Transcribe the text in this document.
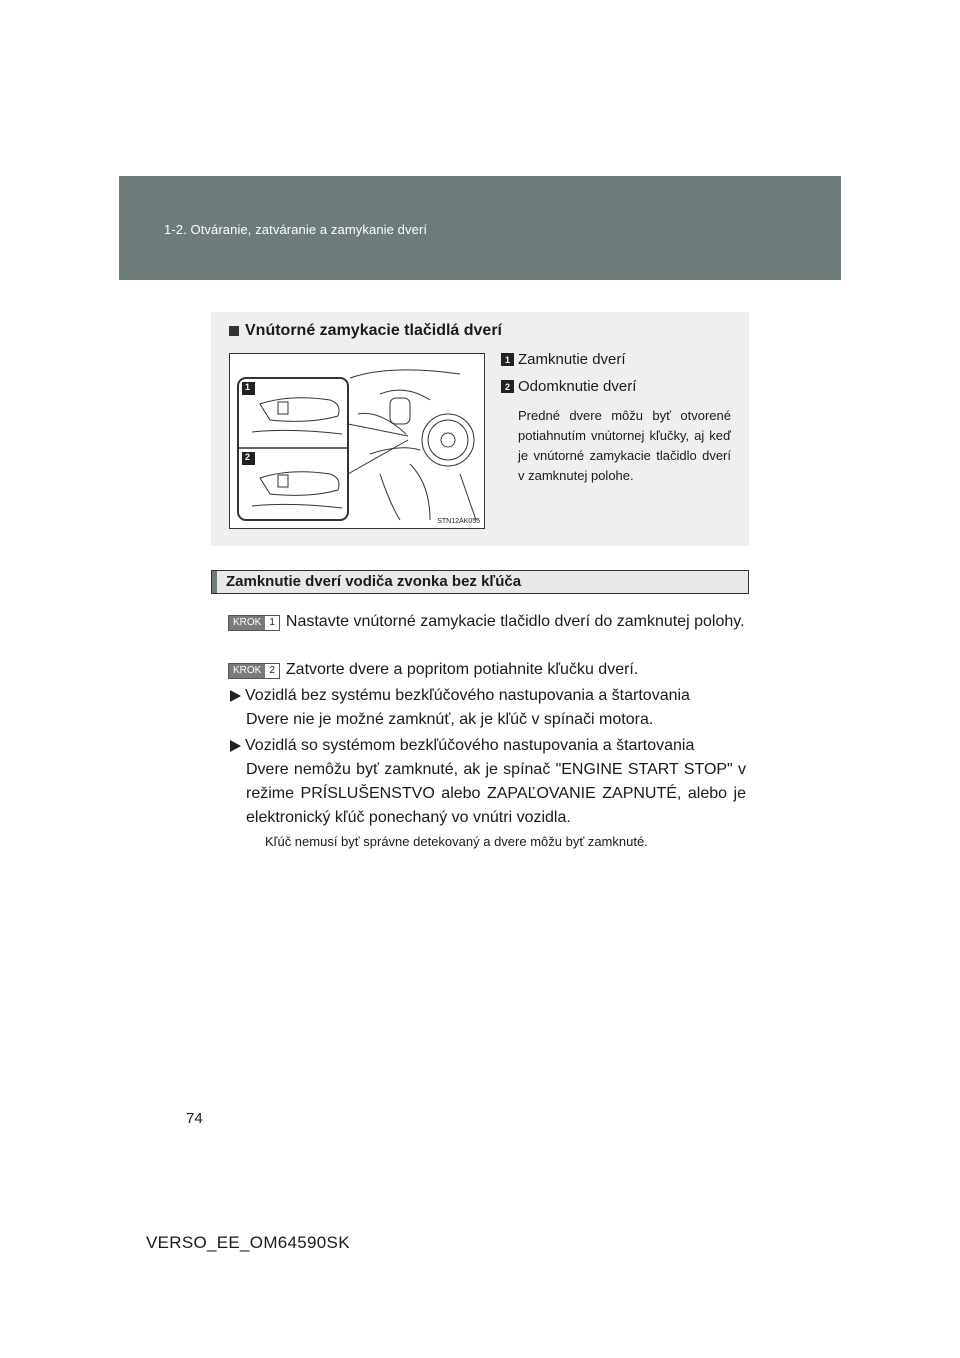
1-2. Otváranie, zatváranie a zamykanie dverí
Vnútorné zamykacie tlačidlá dverí
1
2
STN12AK055
1 Zamknutie dverí
2 Odomknutie dverí
Predné dvere môžu byť otvorené potiahnutím vnútornej kľučky, aj keď je vnútorné zamykacie tlačidlo dverí v zamknutej polohe.
Zamknutie dverí vodiča zvonka bez kľúča
KROK 1 Nastavte vnútorné zamykacie tlačidlo dverí do zamknutej polohy.
KROK 2 Zatvorte dvere a popritom potiahnite kľučku dverí.
Vozidlá bez systému bezkľúčového nastupovania a štartovania
Dvere nie je možné zamknúť, ak je kľúč v spínači motora.
Vozidlá so systémom bezkľúčového nastupovania a štartovania
Dvere nemôžu byť zamknuté, ak je spínač "ENGINE START STOP" v režime PRÍSLUŠENSTVO alebo ZAPAĽOVANIE ZAPNUTÉ, alebo je elektronický kľúč ponechaný vo vnútri vozidla.
Kľúč nemusí byť správne detekovaný a dvere môžu byť zamknuté.
74
VERSO_EE_OM64590SK
